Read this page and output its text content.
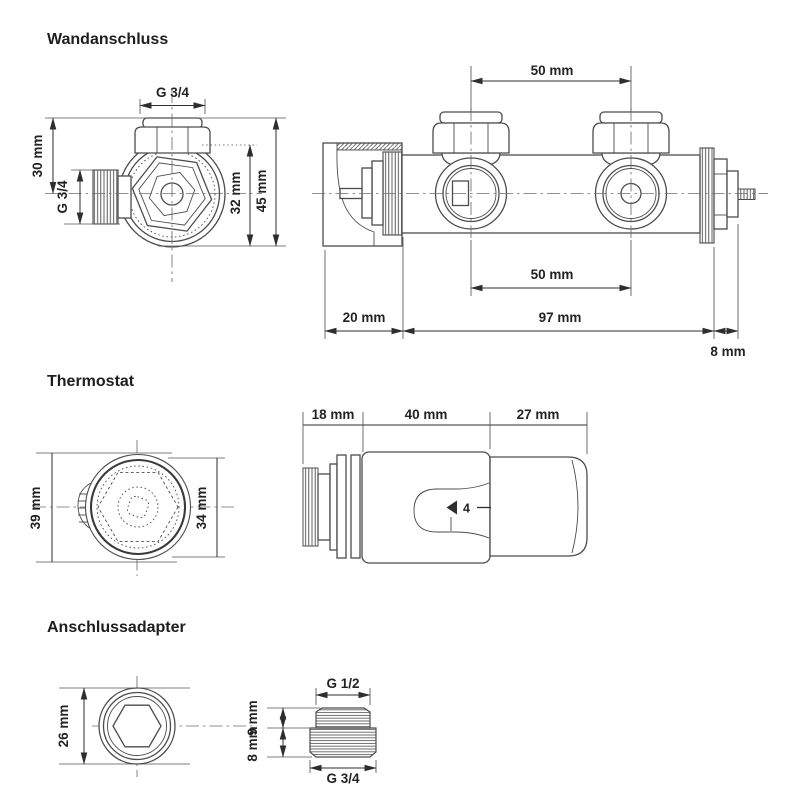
Wandanschluss
G 3/4
30 mm
G 3/4	32 mm 45 mm
50 mm
50 mm
20 mm	97 mm
8 mm
Thermostat
39 mm	34 mm
18 mm	40 mm	27 mm
4
Anschlussadapter
26 mm
G 1/2
9 mm
8 mm
G 3/4
